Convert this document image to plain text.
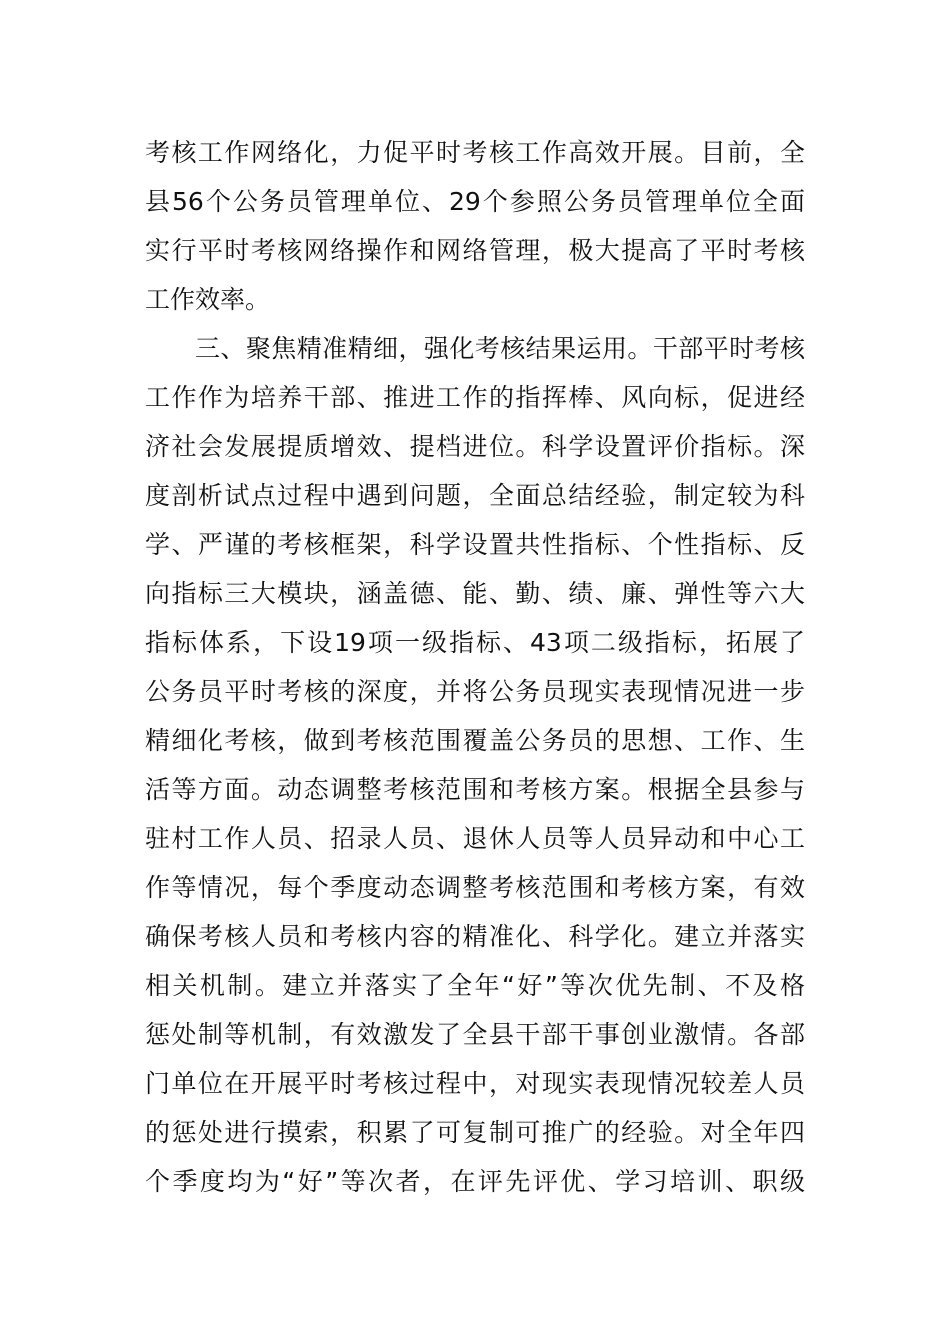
考核工作网络化，力促平时考核工作高效开展。目前，全
县56个公务员管理单位、29个参照公务员管理单位全面
实行平时考核网络操作和网络管理，极大提高了平时考核
工作效率。
三、聚焦精准精细，强化考核结果运用。干部平时考核
工作作为培养干部、推进工作的指挥棒、风向标，促进经
济社会发展提质增效、提档进位。科学设置评价指标。深
度剖析试点过程中遇到问题，全面总结经验，制定较为科
学、严谨的考核框架，科学设置共性指标、个性指标、反
向指标三大模块，涵盖德、能、勤、绩、廉、弹性等六大
指标体系，下设19项一级指标、43项二级指标，拓展了
公务员平时考核的深度，并将公务员现实表现情况进一步
精细化考核，做到考核范围覆盖公务员的思想、工作、生
活等方面。动态调整考核范围和考核方案。根据全县参与
驻村工作人员、招录人员、退休人员等人员异动和中心工
作等情况，每个季度动态调整考核范围和考核方案，有效
确保考核人员和考核内容的精准化、科学化。建立并落实
相关机制。建立并落实了全年“好”等次优先制、不及格
惩处制等机制，有效激发了全县干部干事创业激情。各部
门单位在开展平时考核过程中，对现实表现情况较差人员
的惩处进行摸索，积累了可复制可推广的经验。对全年四
个季度均为“好”等次者，在评先评优、学习培训、职级
